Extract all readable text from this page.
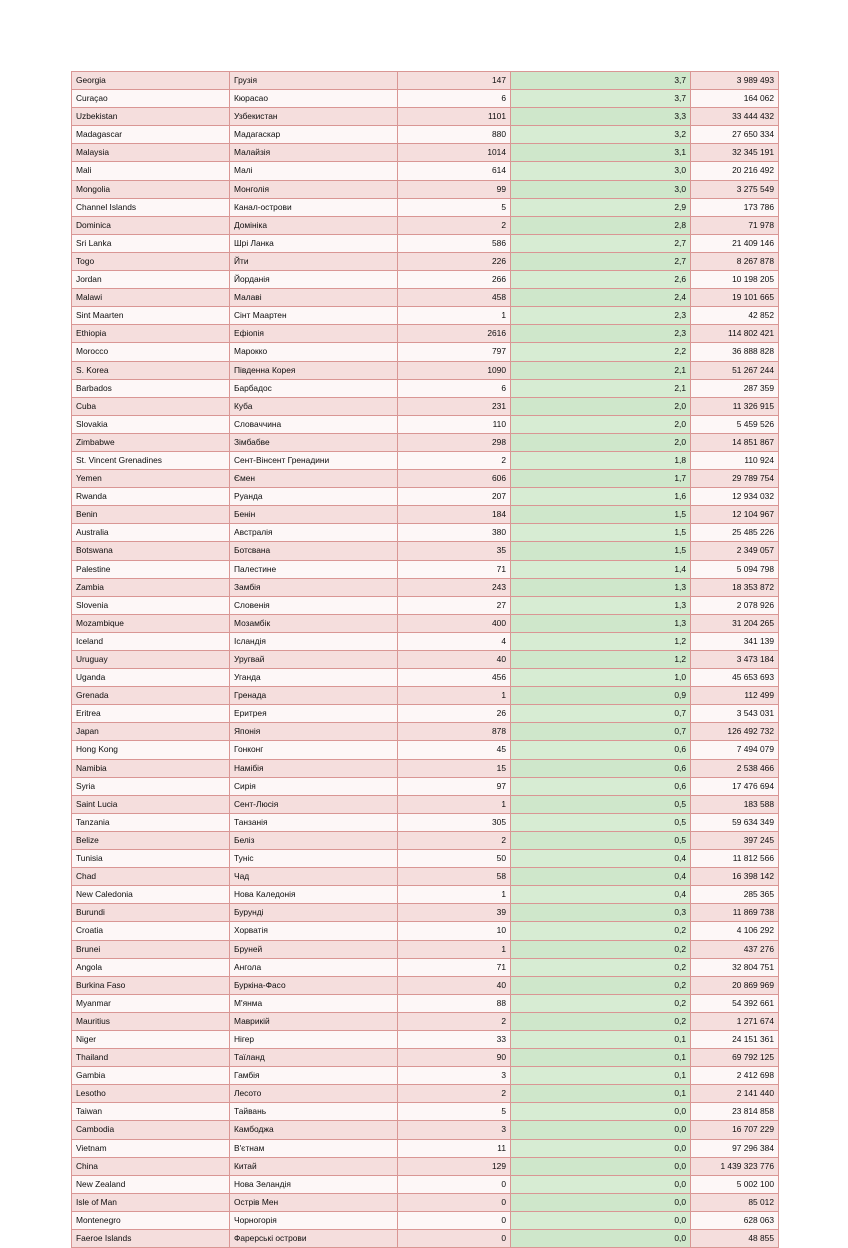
Georgia	Грузія	147	3,7	3 989 493
Curaçao	Кюрасао	6	3,7	164 062
Uzbekistan	Узбекистан	1101	3,3	33 444 432
Madagascar	Мадагаскар	880	3,2	27 650 334
Malaysia	Малайзія	1014	3,1	32 345 191
Mali	Малі	614	3,0	20 216 492
Mongolia	Монголія	99	3,0	3 275 549
Channel Islands	Канал-острови	5	2,9	173 786
Dominica	Домініка	2	2,8	71 978
Sri Lanka	Шрі Ланка	586	2,7	21 409 146
Togo	Йти	226	2,7	8 267 878
Jordan	Йорданія	266	2,6	10 198 205
Malawi	Малаві	458	2,4	19 101 665
Sint Maarten	Сінт Маартен	1	2,3	42 852
Ethiopia	Ефіопія	2616	2,3	114 802 421
Morocco	Марокко	797	2,2	36 888 828
S. Korea	Південна Корея	1090	2,1	51 267 244
Barbados	Барбадос	6	2,1	287 359
Cuba	Куба	231	2,0	11 326 915
Slovakia	Словаччина	110	2,0	5 459 526
Zimbabwe	Зімбабве	298	2,0	14 851 867
St. Vincent Grenadines	Сент-Вінсент Гренадини	2	1,8	110 924
Yemen	Ємен	606	1,7	29 789 754
Rwanda	Руанда	207	1,6	12 934 032
Benin	Бенін	184	1,5	12 104 967
Australia	Австралія	380	1,5	25 485 226
Botswana	Ботсвана	35	1,5	2 349 057
Palestine	Палестине	71	1,4	5 094 798
Zambia	Замбія	243	1,3	18 353 872
Slovenia	Словенія	27	1,3	2 078 926
Mozambique	Мозамбік	400	1,3	31 204 265
Iceland	Ісландія	4	1,2	341 139
Uruguay	Уругвай	40	1,2	3 473 184
Uganda	Уганда	456	1,0	45 653 693
Grenada	Гренада	1	0,9	112 499
Eritrea	Еритрея	26	0,7	3 543 031
Japan	Японія	878	0,7	126 492 732
Hong Kong	Гонконг	45	0,6	7 494 079
Namibia	Намібія	15	0,6	2 538 466
Syria	Сирія	97	0,6	17 476 694
Saint Lucia	Сент-Люсія	1	0,5	183 588
Tanzania	Танзанія	305	0,5	59 634 349
Belize	Беліз	2	0,5	397 245
Tunisia	Туніс	50	0,4	11 812 566
Chad	Чад	58	0,4	16 398 142
New Caledonia	Нова Каледонія	1	0,4	285 365
Burundi	Бурунді	39	0,3	11 869 738
Croatia	Хорватія	10	0,2	4 106 292
Brunei	Бруней	1	0,2	437 276
Angola	Ангола	71	0,2	32 804 751
Burkina Faso	Буркіна-Фасо	40	0,2	20 869 969
Myanmar	М'янма	88	0,2	54 392 661
Mauritius	Маврикій	2	0,2	1 271 674
Niger	Нігер	33	0,1	24 151 361
Thailand	Таїланд	90	0,1	69 792 125
Gambia	Гамбія	3	0,1	2 412 698
Lesotho	Лесото	2	0,1	2 141 440
Taiwan	Тайвань	5	0,0	23 814 858
Cambodia	Камбоджа	3	0,0	16 707 229
Vietnam	В'єтнам	11	0,0	97 296 384
China	Китай	129	0,0	1 439 323 776
New Zealand	Нова Зеландія	0	0,0	5 002 100
Isle of Man	Острів Мен	0	0,0	85 012
Montenegro	Чорногорія	0	0,0	628 063
Faeroe Islands	Фарерські острови	0	0,0	48 855
